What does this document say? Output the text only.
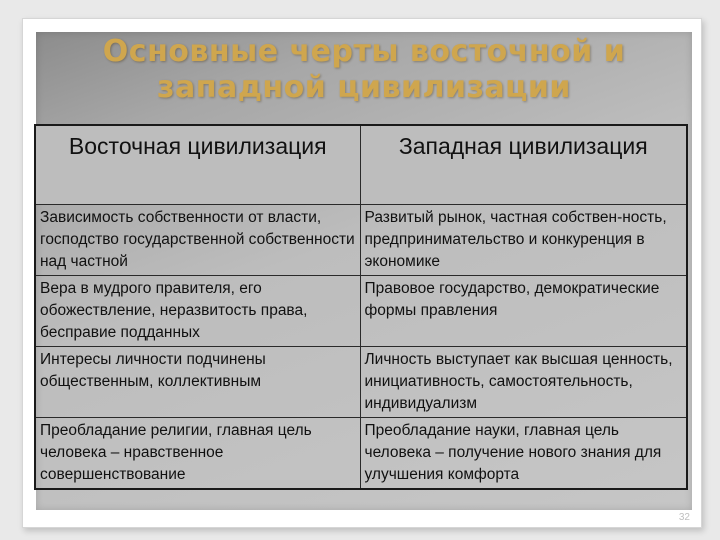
Основные черты восточной и
западной цивилизации
Восточная цивилизация	Западная цивилизация
Зависимость собственности от власти, господство государственной собственности над частной	Развитый рынок, частная собствен-ность, предпринимательство и конкуренция в экономике
Вера в мудрого правителя, его обожествление, неразвитость права, бесправие подданных	Правовое государство, демократические формы правления
Интересы личности подчинены общественным, коллективным	Личность выступает как высшая ценность, инициативность, самостоятельность, индивидуализм
Преобладание религии, главная цель человека – нравственное совершенствование	Преобладание науки, главная цель человека – получение нового знания для улучшения комфорта
32
